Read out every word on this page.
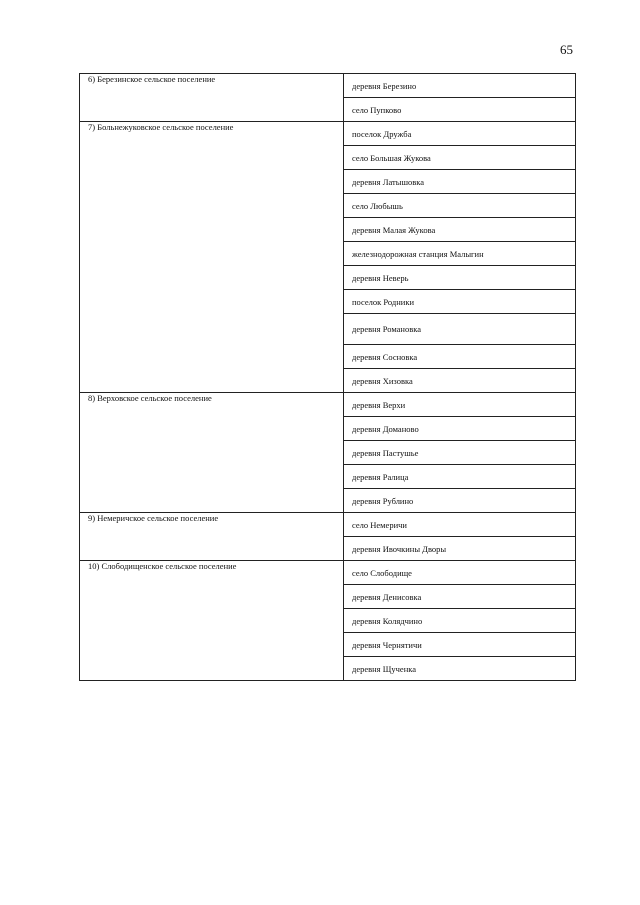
65
6) Березинское сельское поселение	деревня Березино
	село Пупково
7) Больнежуковское сельское поселение	поселок Дружба
	село Большая Жукова
	деревня Латышовка
	село Любышь
	деревня Малая Жукова
	железнодорожная станция Малыгин
	деревня Неверь
	поселок Родники
	деревня Романовка
	деревня Сосновка
	деревня Хизовка
8) Верховское сельское поселение	деревня Верхи
	деревня Доманово
	деревня Пастушье
	деревня Ралица
	деревня Рублино
9) Немеричское сельское поселение	село Немеричи
	деревня Ивочкины Дворы
10) Слободищенское сельское поселение	село Слободище
	деревня Денисовка
	деревня Колядчино
	деревня Чернятичи
	деревня Щученка
